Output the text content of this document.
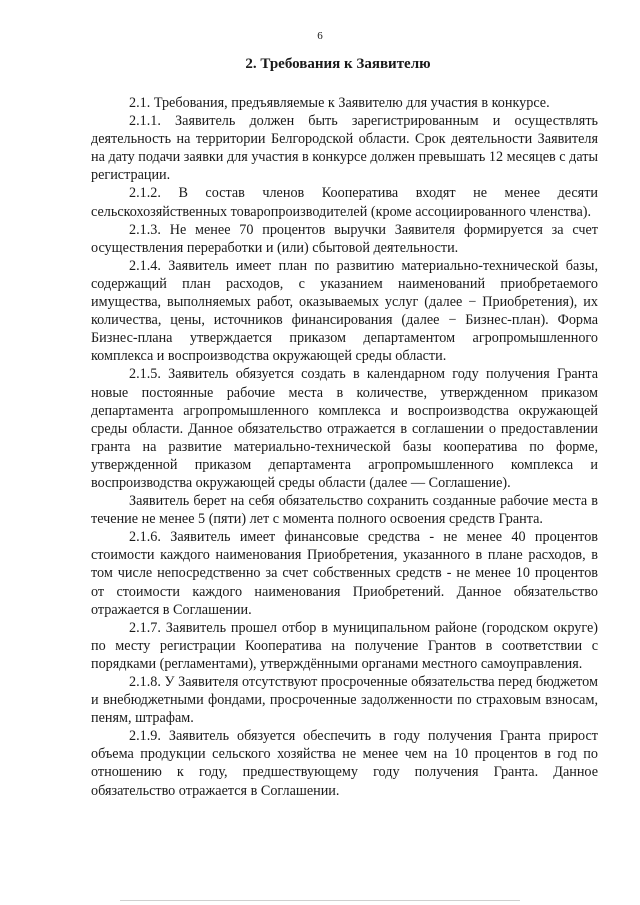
6
2. Требования к Заявителю

2.1. Требования, предъявляемые к Заявителю для участия в конкурсе.

2.1.1. Заявитель должен быть зарегистрированным и осуществлять деятельность на территории Белгородской области. Срок деятельности Заявителя на дату подачи заявки для участия в конкурсе должен превышать 12 месяцев с даты регистрации.

2.1.2. В состав членов Кооператива входят не менее десяти сельскохозяйственных товаропроизводителей (кроме ассоциированного членства).

2.1.3. Не менее 70 процентов выручки Заявителя формируется за счет осуществления переработки и (или) сбытовой деятельности.

2.1.4. Заявитель имеет план по развитию материально-технической базы, содержащий план расходов, с указанием наименований приобретаемого имущества, выполняемых работ, оказываемых услуг (далее − Приобретения), их количества, цены, источников финансирования (далее − Бизнес-план). Форма Бизнес-плана утверждается приказом департаментом агропромышленного комплекса и воспроизводства окружающей среды области.

2.1.5. Заявитель обязуется создать в календарном году получения Гранта новые постоянные рабочие места в количестве, утвержденном приказом департамента агропромышленного комплекса и воспроизводства окружающей среды области. Данное обязательство отражается в соглашении о предоставлении гранта на развитие материально-технической базы кооператива по форме, утвержденной приказом департамента агропромышленного комплекса и воспроизводства окружающей среды области (далее — Соглашение).

Заявитель берет на себя обязательство сохранить созданные рабочие места в течение не менее 5 (пяти) лет с момента полного освоения средств Гранта.

2.1.6. Заявитель имеет финансовые средства - не менее 40 процентов стоимости каждого наименования Приобретения, указанного в плане расходов, в том числе непосредственно за счет собственных средств - не менее 10 процентов от стоимости каждого наименования Приобретений. Данное обязательство отражается в Соглашении.

2.1.7. Заявитель прошел отбор в муниципальном районе (городском округе) по месту регистрации Кооператива на получение Грантов в соответствии с порядками (регламентами), утверждёнными органами местного самоуправления.

2.1.8. У Заявителя отсутствуют просроченные обязательства перед бюджетом и внебюджетными фондами, просроченные задолженности по страховым взносам, пеням, штрафам.

2.1.9. Заявитель обязуется обеспечить в году получения Гранта прирост объема продукции сельского хозяйства не менее чем на 10 процентов в год по отношению к году, предшествующему году получения Гранта. Данное обязательство отражается в Соглашении.
